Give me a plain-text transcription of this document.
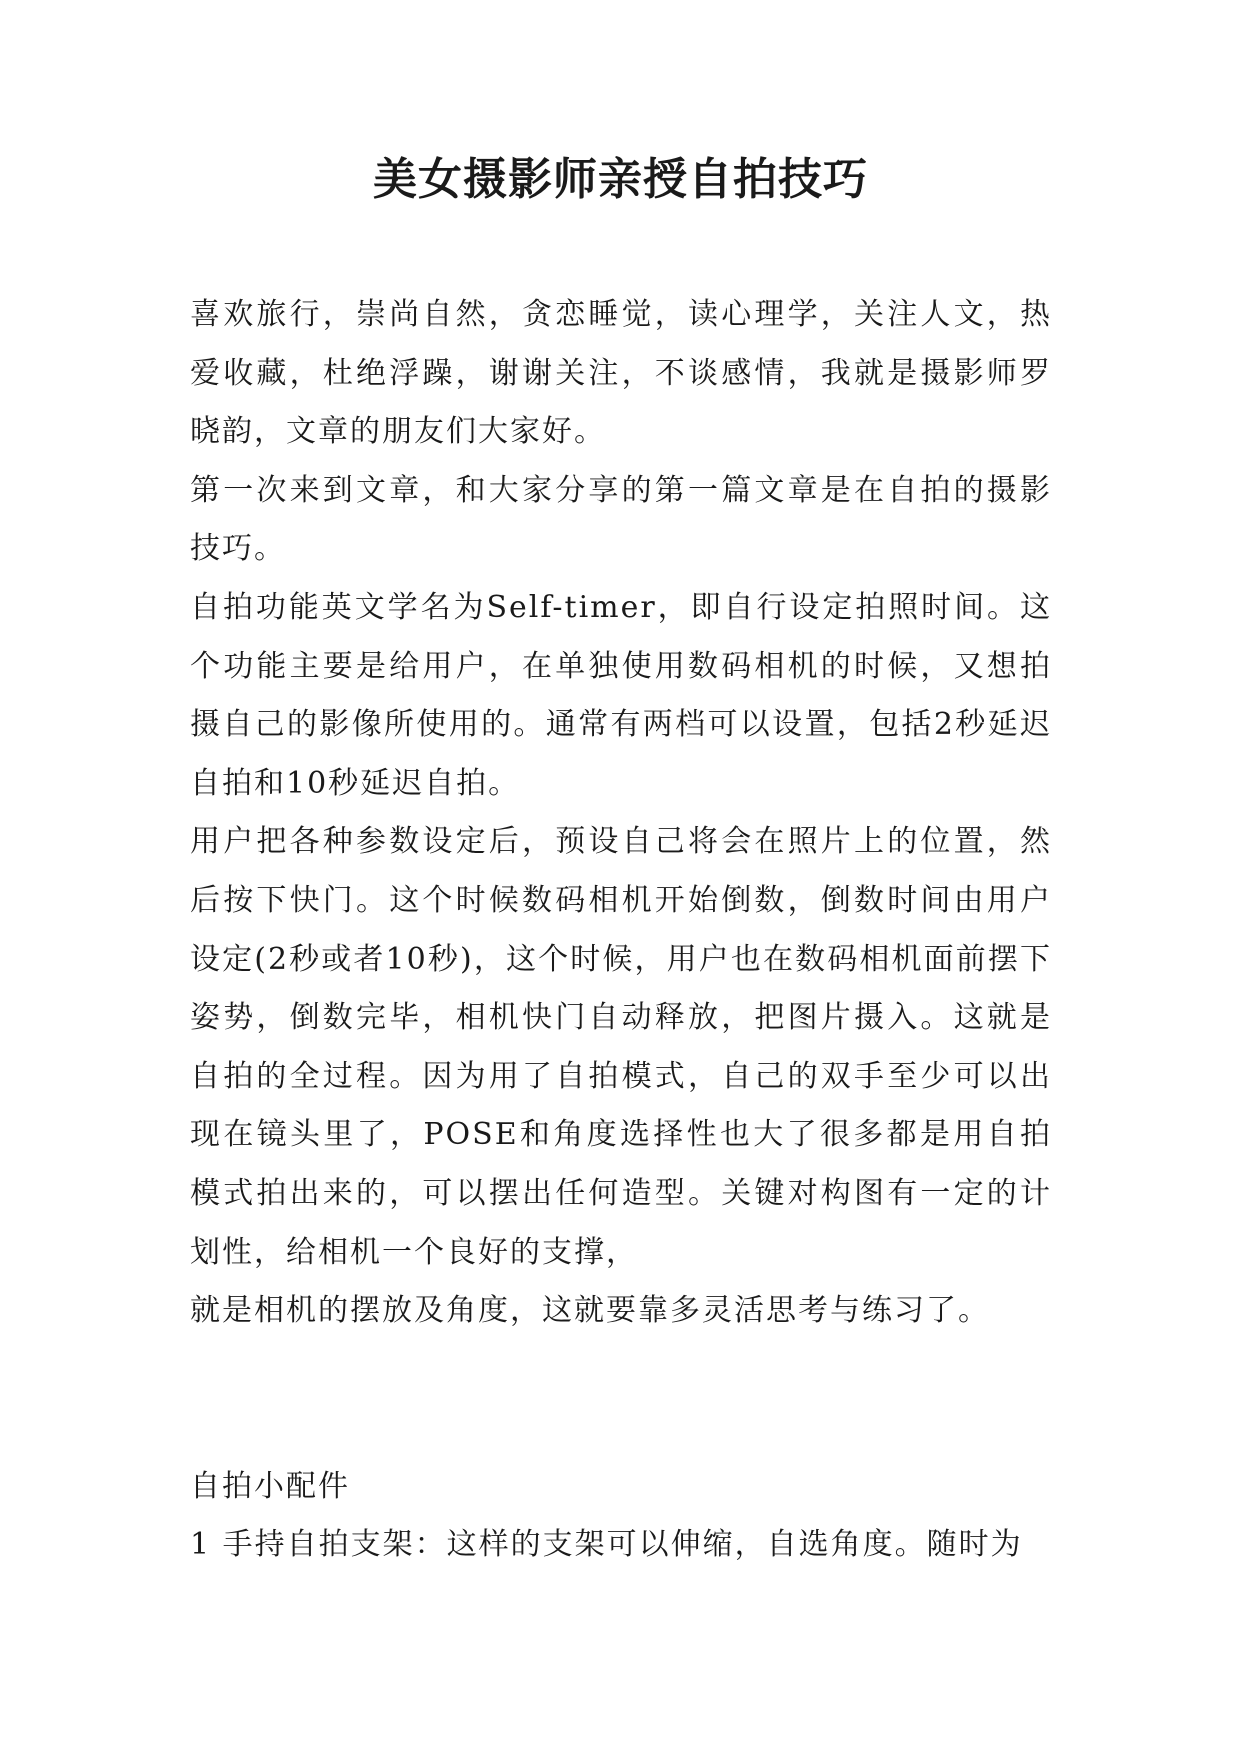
美女摄影师亲授自拍技巧

喜欢旅行，崇尚自然，贪恋睡觉，读心理学，关注人文，热爱收藏，杜绝浮躁，谢谢关注，不谈感情，我就是摄影师罗晓韵，文章的朋友们大家好。

第一次来到文章，和大家分享的第一篇文章是在自拍的摄影技巧。

自拍功能英文学名为Self-timer，即自行设定拍照时间。这个功能主要是给用户，在单独使用数码相机的时候，又想拍摄自己的影像所使用的。通常有两档可以设置，包括2秒延迟自拍和10秒延迟自拍。

用户把各种参数设定后，预设自己将会在照片上的位置，然后按下快门。这个时候数码相机开始倒数，倒数时间由用户设定(2秒或者10秒)，这个时候，用户也在数码相机面前摆下姿势，倒数完毕，相机快门自动释放，把图片摄入。这就是自拍的全过程。因为用了自拍模式，自己的双手至少可以出现在镜头里了，POSE和角度选择性也大了很多都是用自拍模式拍出来的，可以摆出任何造型。关键对构图有一定的计划性，给相机一个良好的支撑，

就是相机的摆放及角度，这就要靠多灵活思考与练习了。

自拍小配件

1 手持自拍支架：这样的支架可以伸缩，自选角度。随时为
